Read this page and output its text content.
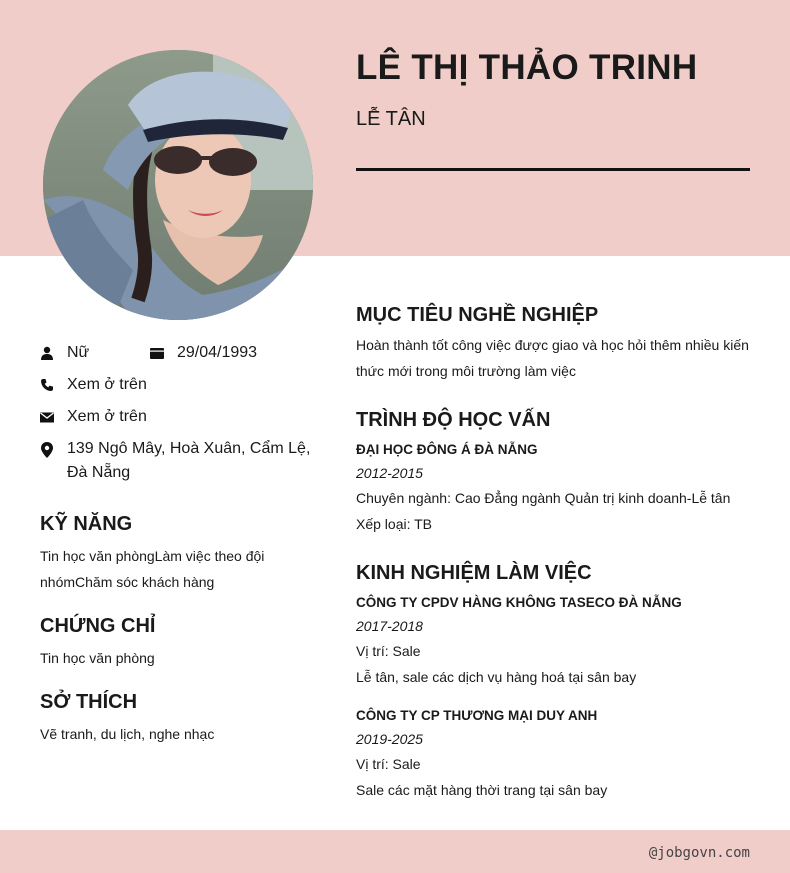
LÊ THỊ THẢO TRINH
LỄ TÂN
Nữ	29/04/1993
Xem ở trên
Xem ở trên
139 Ngô Mây, Hoà Xuân, Cẩm Lệ,
Đà Nẵng
KỸ NĂNG
Tin học văn phòngLàm việc theo đội
nhómChăm sóc khách hàng
CHỨNG CHỈ
Tin học văn phòng
SỞ THÍCH
Vẽ tranh, du lịch, nghe nhạc
MỤC TIÊU NGHỀ NGHIỆP
Hoàn thành tốt công việc được giao và học hỏi thêm nhiều kiến
thức mới trong môi trường làm việc
TRÌNH ĐỘ HỌC VẤN
ĐẠI HỌC ĐÔNG Á ĐÀ NẴNG
2012-2015
Chuyên ngành: Cao Đẳng ngành Quản trị kinh doanh-Lễ tân
Xếp loại: TB
KINH NGHIỆM LÀM VIỆC
CÔNG TY CPDV HÀNG KHÔNG TASECO ĐÀ NẴNG
2017-2018
Vị trí: Sale
Lễ tân, sale các dịch vụ hàng hoá tại sân bay
CÔNG TY CP THƯƠNG MẠI DUY ANH
2019-2025
Vị trí: Sale
Sale các mặt hàng thời trang tại sân bay
@jobgovn.com
